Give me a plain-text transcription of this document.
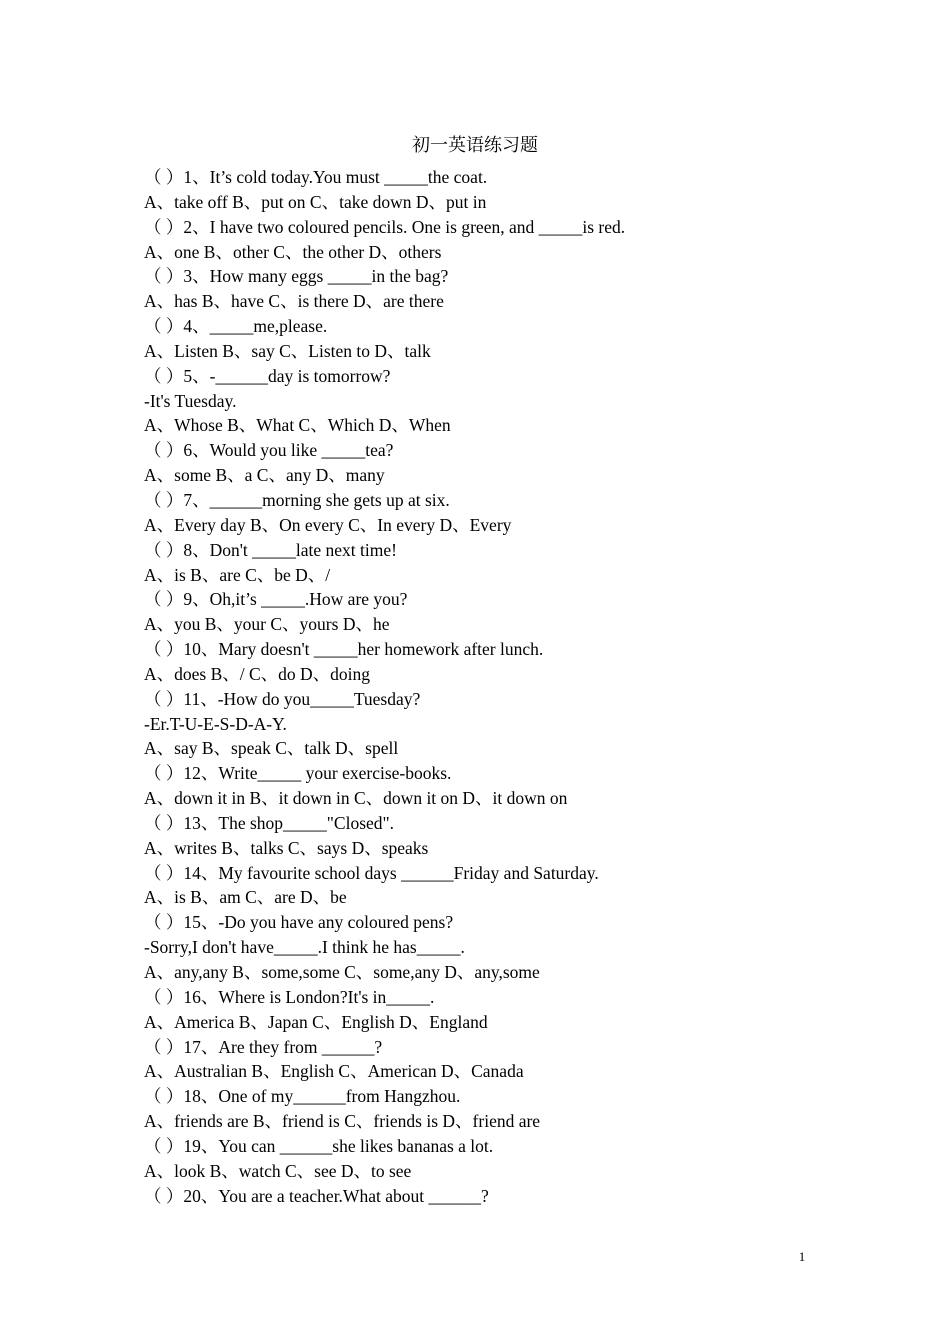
初一英语练习题
（ ）1、It’s cold today.You must _____the coat.
A、take off B、put on C、take down D、put in
（ ）2、I have two coloured pencils. One is green, and _____is red.
A、one B、other C、the other D、others
（ ）3、How many eggs _____in the bag?
A、has B、have C、is there D、are there
（ ）4、_____me,please.
A、Listen B、say C、Listen to D、talk
（ ）5、-______day is tomorrow?
-It's Tuesday.
A、Whose B、What C、Which D、When
（ ）6、Would you like _____tea?
A、some B、a C、any D、many
（ ）7、______morning she gets up at six.
A、Every day B、On every C、In every D、Every
（ ）8、Don't _____late next time!
A、is B、are C、be D、/
（ ）9、Oh,it’s _____.How are you?
A、you B、your C、yours D、he
（ ）10、Mary doesn't _____her homework after lunch.
A、does B、/ C、do D、doing
（ ）11、-How do you_____Tuesday?
-Er.T-U-E-S-D-A-Y.
A、say B、speak C、talk D、spell
（ ）12、Write_____ your exercise-books.
A、down it in B、it down in C、down it on D、it down on
（ ）13、The shop_____"Closed".
A、writes B、talks C、says D、speaks
（ ）14、My favourite school days ______Friday and Saturday.
A、is B、am C、are D、be
（ ）15、-Do you have any coloured pens?
-Sorry,I don't have_____.I think he has_____.
A、any,any B、some,some C、some,any D、any,some
（ ）16、Where is London?It's in_____.
A、America B、Japan C、English D、England
（ ）17、Are they from ______?
A、Australian B、English C、American D、Canada
（ ）18、One of my______from Hangzhou.
A、friends are B、friend is C、friends is D、friend are
（ ）19、You can ______she likes bananas a lot.
A、look B、watch C、see D、to see
（ ）20、You are a teacher.What about ______?
1
